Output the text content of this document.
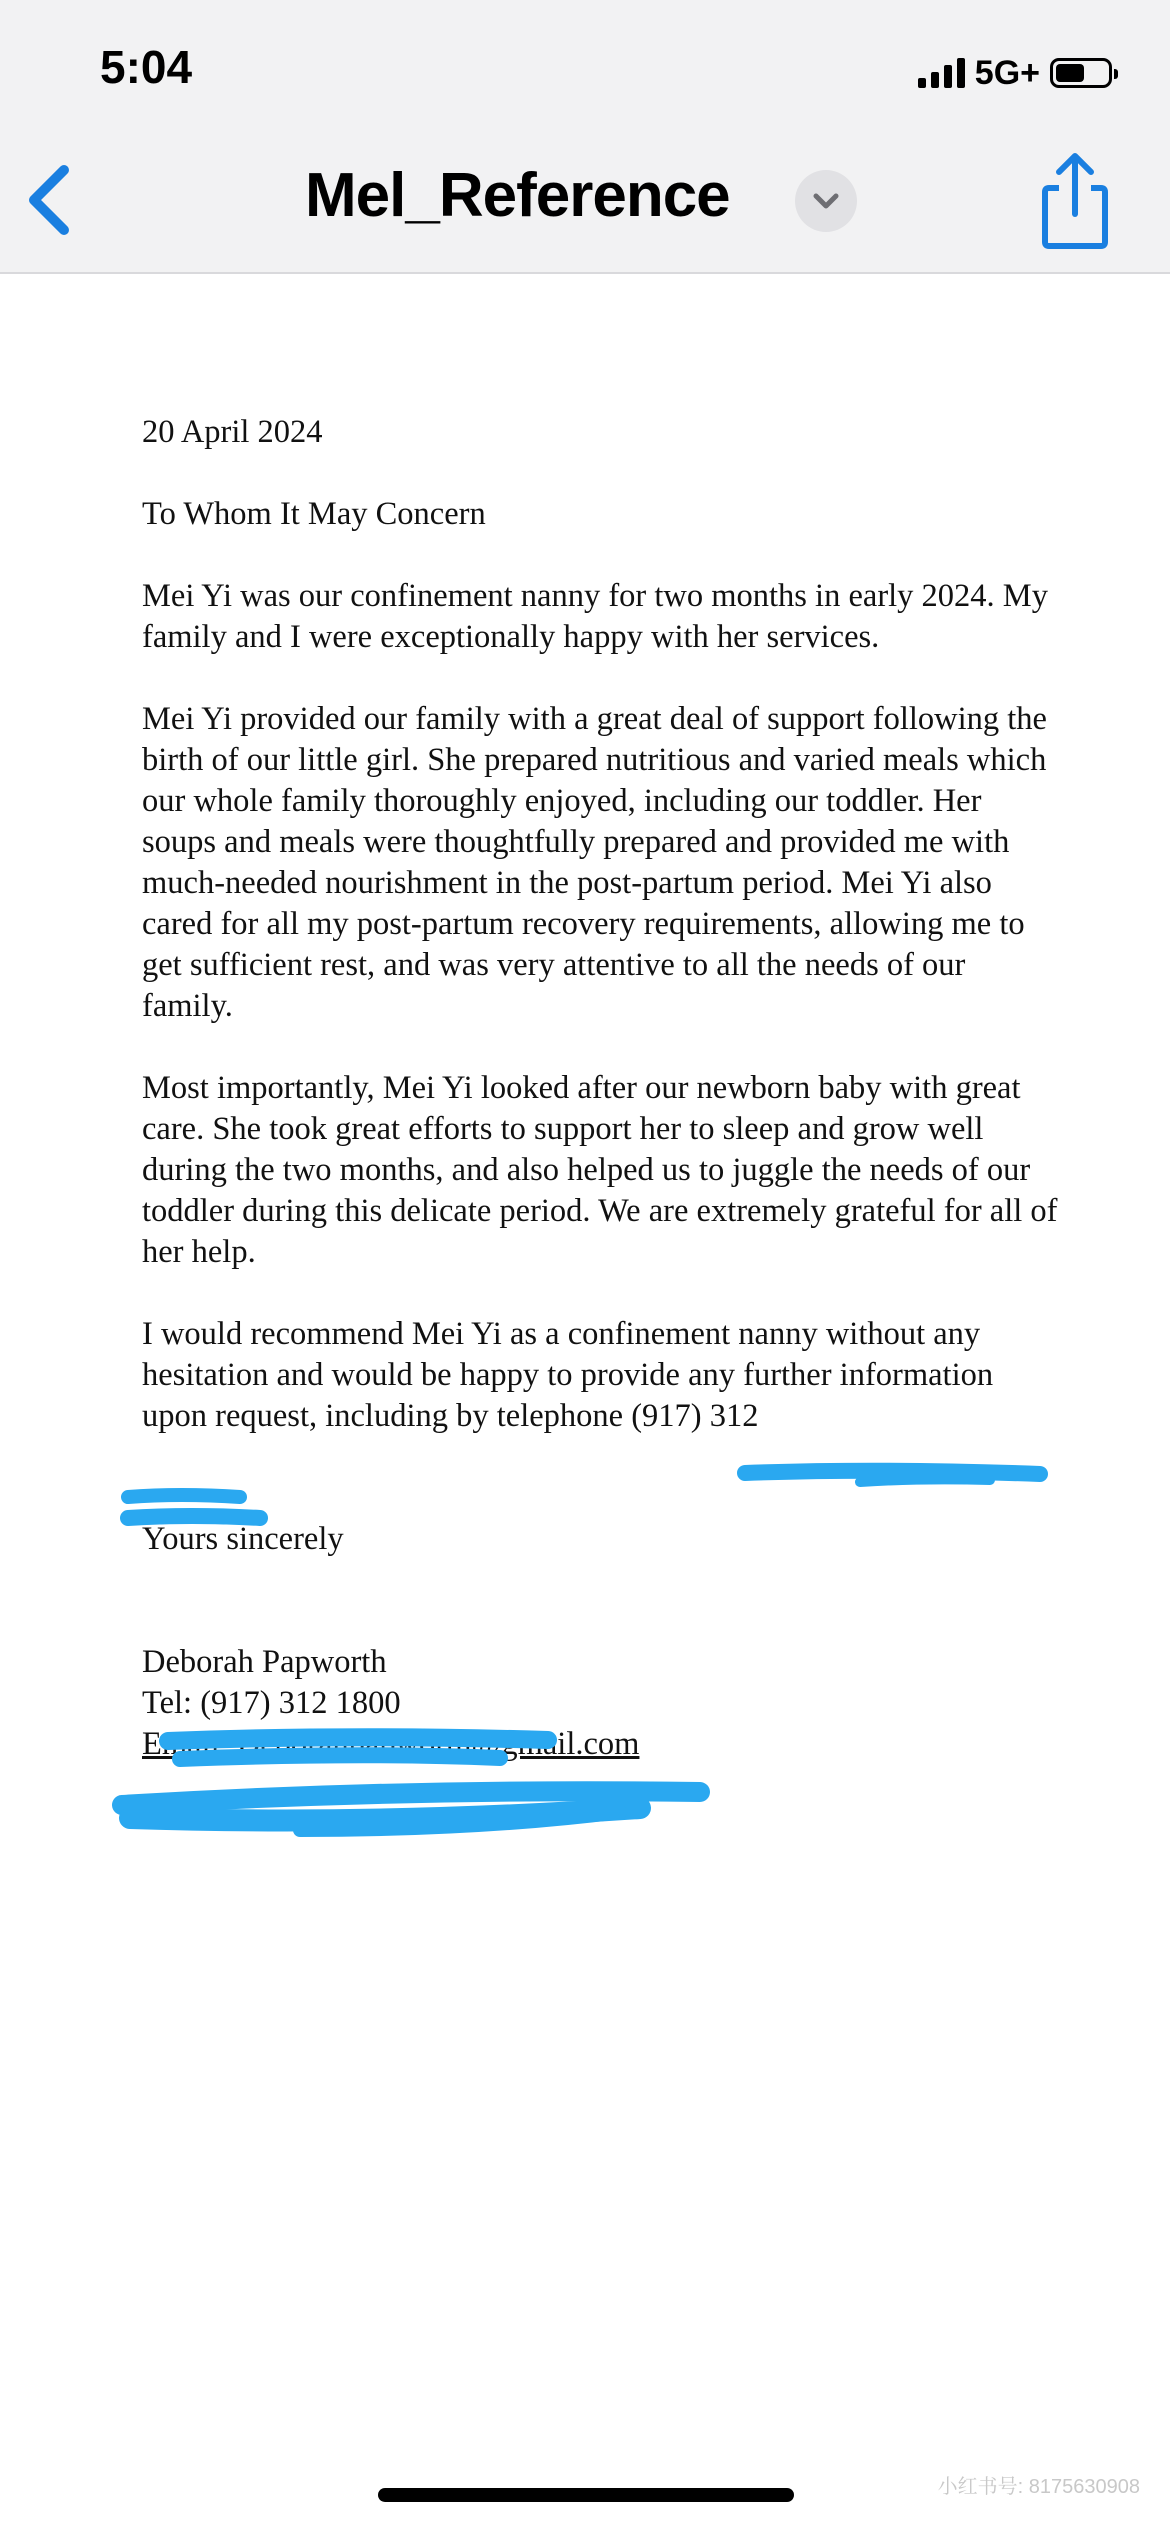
5:04	5G+
Mel_Reference

20 April 2024

To Whom It May Concern

Mei Yi was our confinement nanny for two months in early 2024. My family and I were exceptionally happy with her services.

Mei Yi provided our family with a great deal of support following the birth of our little girl. She prepared nutritious and varied meals which our whole family thoroughly enjoyed, including our toddler. Her soups and meals were thoughtfully prepared and provided me with much-needed nourishment in the post-partum period. Mei Yi also cared for all my post-partum recovery requirements, allowing me to get sufficient rest, and was very attentive to all the needs of our family.

Most importantly, Mei Yi looked after our newborn baby with great care. She took great efforts to support her to sleep and grow well during the two months, and also helped us to juggle the needs of our toddler during this delicate period. We are extremely grateful for all of her help.

I would recommend Mei Yi as a confinement nanny without any hesitation and would be happy to provide any further information upon request, including by telephone (917) 312

Yours sincerely

Deborah Papworth
Tel: (917) 312 1800
Email: Deborahpapworth@gmail.com
小红书号: 8175630908
